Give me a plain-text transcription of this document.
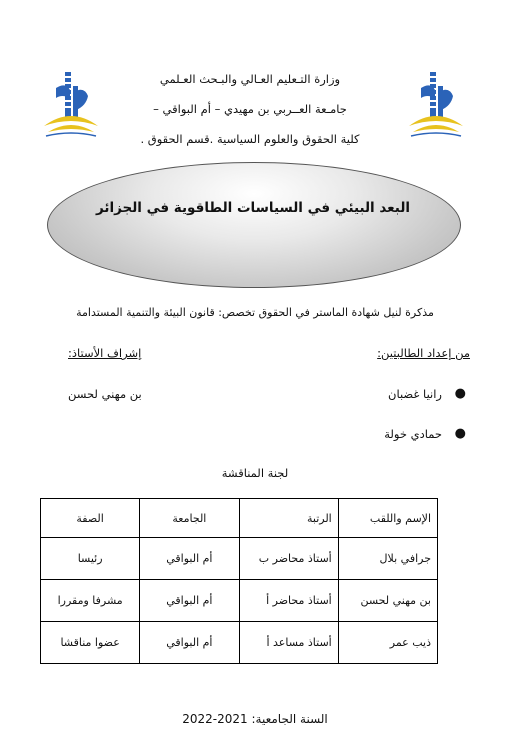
وزارة التـعليم العـالي والبـحث العـلمي
جامـعة العــربي بن مهيدي – أم البواقي –
كلية الحقوق والعلوم السياسية .قسم الحقوق .
البعد البيئي في السياسات الطاقوية في الجزائر
مذكرة لنيل شهادة الماستر في الحقوق تخصص: قانون البيئة والتنمية المستدامة
من إعداد الطالبتين:
إشراف الأستاذ:
●
رانيا غضبان
●
حمادي خولة
بن مهني لحسن
لجنة المناقشة
الإسم واللقب	الرتبة	الجامعة	الصفة
جرافي بلال	أستاذ محاضر ب	أم البواقي	رئيسا
بن مهني لحسن	أستاذ محاضر أ	أم البواقي	مشرفا ومقررا
ذيب عمر	أستاذ مساعد أ	أم البواقي	عضوا مناقشا
السنة الجامعية: 2021-2022
